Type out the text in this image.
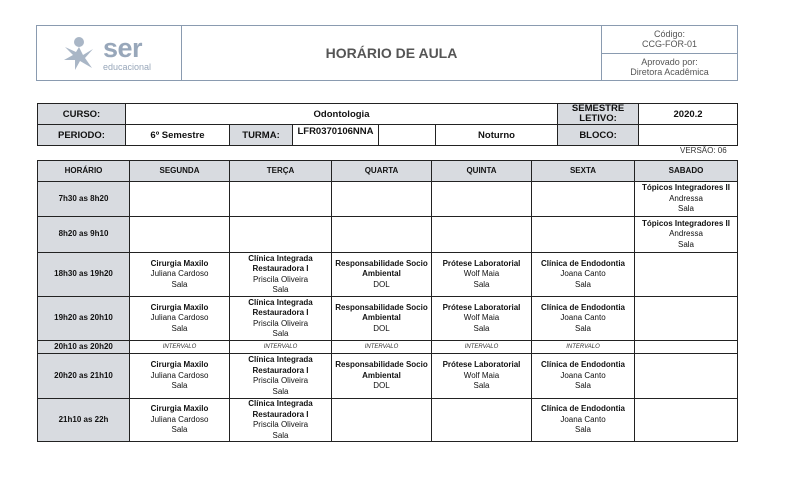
ser
educacional
HORÁRIO DE AULA
Código:
CCG-FOR-01
Aprovado por:
Diretora Acadêmica
CURSO:	Odontologia					SEMESTRE LETIVO:	2020.2
PERIODO:	6º Semestre	TURMA:	LFR0370106NNA		Noturno	BLOCO:	
VERSÃO: 06
HORÁRIO	SEGUNDA	TERÇA	QUARTA	QUINTA	SEXTA	SABADO
7h30 as 8h20						Tópicos Integradores II
Andressa
Sala

8h20 as 9h10						Tópicos Integradores II
Andressa
Sala

18h30 as 19h20	Cirurgia Maxilo
Juliana Cardoso
Sala	Clínica Integrada Restauradora I
Priscila Oliveira
Sala	Responsabilidade Socio Ambiental
DOL	Prótese Laboratorial
Wolf Maia
Sala	Clínica de Endodontia
Joana Canto
Sala	

19h20 as 20h10	Cirurgia Maxilo
Juliana Cardoso
Sala	Clínica Integrada Restauradora I
Priscila Oliveira
Sala	Responsabilidade Socio Ambiental
DOL	Prótese Laboratorial
Wolf Maia
Sala	Clínica de Endodontia
Joana Canto
Sala	

20h10 as 20h20	INTERVALO	INTERVALO	INTERVALO	INTERVALO	INTERVALO	
20h20 as 21h10	Cirurgia Maxilo
Juliana Cardoso
Sala	Clínica Integrada Restauradora I
Priscila Oliveira
Sala	Responsabilidade Socio Ambiental
DOL	Prótese Laboratorial
Wolf Maia
Sala	Clínica de Endodontia
Joana Canto
Sala	

21h10 as 22h	Cirurgia Maxilo
Juliana Cardoso
Sala	Clínica Integrada Restauradora I
Priscila Oliveira
Sala			Clínica de Endodontia
Joana Canto
Sala	
